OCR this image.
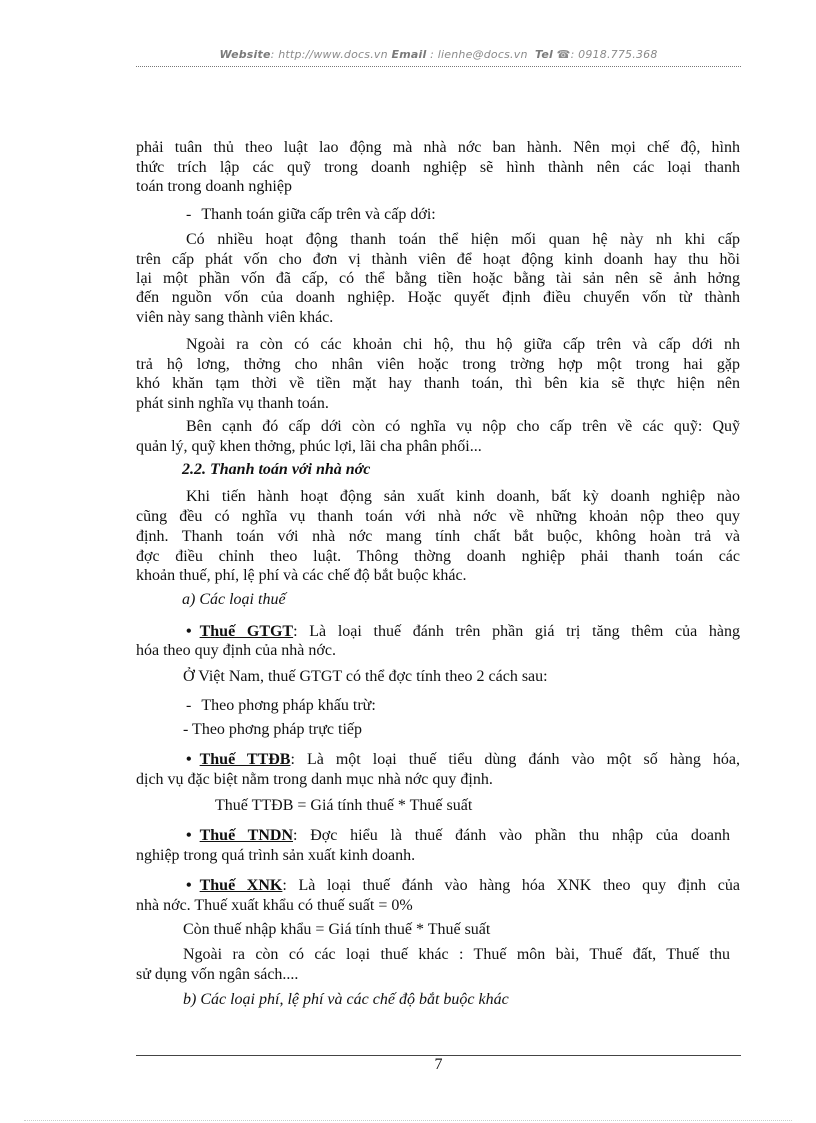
Website: http://www.docs.vn Email : lienhe@docs.vn Tel ☎: 0918.775.368
phải tuân thủ theo luật lao động mà nhà nớc ban hành. Nên mọi chế độ, hình
thức trích lập các quỹ trong doanh nghiệp sẽ hình thành nên các loại thanh
toán trong doanh nghiệp
- Thanh toán giữa cấp trên và cấp dới:
Có nhiều hoạt động thanh toán thể hiện mối quan hệ này nh khi cấp
trên cấp phát vốn cho đơn vị thành viên để hoạt động kinh doanh hay thu hồi
lại một phần vốn đã cấp, có thể bằng tiền hoặc bằng tài sản nên sẽ ảnh hởng
đến nguồn vốn của doanh nghiệp. Hoặc quyết định điều chuyển vốn từ thành
viên này sang thành viên khác.
Ngoài ra còn có các khoản chi hộ, thu hộ giữa cấp trên và cấp dới nh
trả hộ lơng, thởng cho nhân viên hoặc trong trờng hợp một trong hai gặp
khó khăn tạm thời về tiền mặt hay thanh toán, thì bên kia sẽ thực hiện nên
phát sinh nghĩa vụ thanh toán.
Bên cạnh đó cấp dới còn có nghĩa vụ nộp cho cấp trên về các quỹ: Quỹ
quản lý, quỹ khen thởng, phúc lợi, lãi cha phân phối...
2.2. Thanh toán với nhà nớc
Khi tiến hành hoạt động sản xuất kinh doanh, bất kỳ doanh nghiệp nào
cũng đều có nghĩa vụ thanh toán với nhà nớc về những khoản nộp theo quy
định. Thanh toán với nhà nớc mang tính chất bắt buộc, không hoàn trả và
đợc điều chỉnh theo luật. Thông thờng doanh nghiệp phải thanh toán các
khoản thuế, phí, lệ phí và các chế độ bắt buộc khác.
a) Các loại thuế
• Thuế GTGT: Là loại thuế đánh trên phần giá trị tăng thêm của hàng
hóa theo quy định của nhà nớc.
Ở Việt Nam, thuế GTGT có thể đợc tính theo 2 cách sau:
- Theo phơng pháp khấu trừ:
- Theo phơng pháp trực tiếp
• Thuế TTĐB: Là một loại thuế tiểu dùng đánh vào một số hàng hóa,
dịch vụ đặc biệt nằm trong danh mục nhà nớc quy định.
Thuế TTĐB = Giá tính thuế * Thuế suất
• Thuế TNDN: Đợc hiểu là thuế đánh vào phần thu nhập của doanh
nghiệp trong quá trình sản xuất kinh doanh.
• Thuế XNK: Là loại thuế đánh vào hàng hóa XNK theo quy định của
nhà nớc. Thuế xuất khẩu có thuế suất = 0%
Còn thuế nhập khẩu = Giá tính thuế * Thuế suất
Ngoài ra còn có các loại thuế khác : Thuế môn bài, Thuế đất, Thuế thu
sử dụng vốn ngân sách....
b) Các loại phí, lệ phí và các chế độ bắt buộc khác
7
